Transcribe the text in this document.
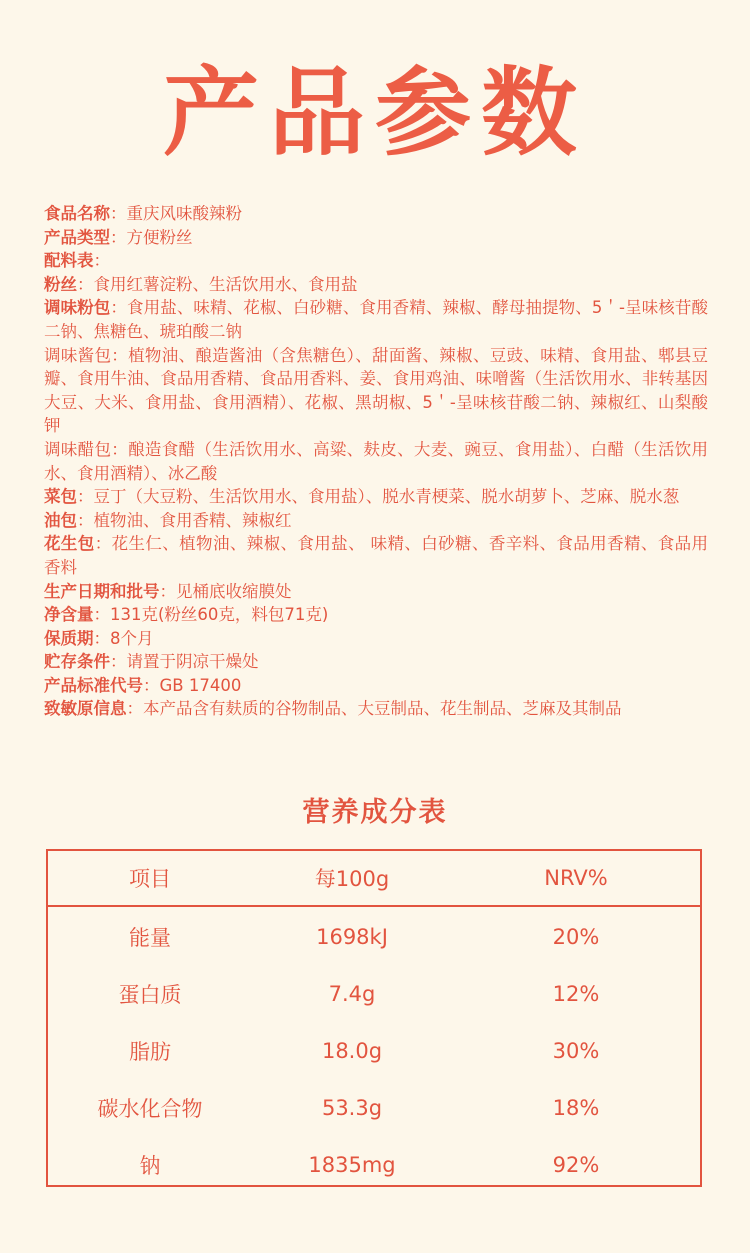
产品参数

食品名称：重庆风味酸辣粉

产品类型：方便粉丝

配料表：

粉丝：食用红薯淀粉、生活饮用水、食用盐

调味粉包：食用盐、味精、花椒、白砂糖、食用香精、辣椒、酵母抽提物、5＇-呈味核苷酸二钠、焦糖色、琥珀酸二钠

调味酱包：植物油、酿造酱油（含焦糖色）、甜面酱、辣椒、豆豉、味精、食用盐、郫县豆瓣、食用牛油、食品用香精、食品用香料、姜、食用鸡油、味噌酱（生活饮用水、非转基因大豆、大米、食用盐、食用酒精）、花椒、黑胡椒、5＇-呈味核苷酸二钠、辣椒红、山梨酸钾

调味醋包：酿造食醋（生活饮用水、高粱、麸皮、大麦、豌豆、食用盐）、白醋（生活饮用水、食用酒精）、冰乙酸

菜包：豆丁（大豆粉、生活饮用水、食用盐）、脱水青梗菜、脱水胡萝卜、芝麻、脱水葱

油包：植物油、食用香精、辣椒红

花生包：花生仁、植物油、辣椒、食用盐、 味精、白砂糖、香辛料、食品用香精、食品用香料

生产日期和批号：见桶底收缩膜处

净含量：131克(粉丝60克，料包71克)

保质期：8个月

贮存条件：请置于阴凉干燥处

产品标准代号：GB 17400

致敏原信息：本产品含有麸质的谷物制品、大豆制品、花生制品、芝麻及其制品

营养成分表
项目	每100g	NRV%
能量	1698kJ	20%
蛋白质	7.4g	12%
脂肪	18.0g	30%
碳水化合物	53.3g	18%
钠	1835mg	92%
